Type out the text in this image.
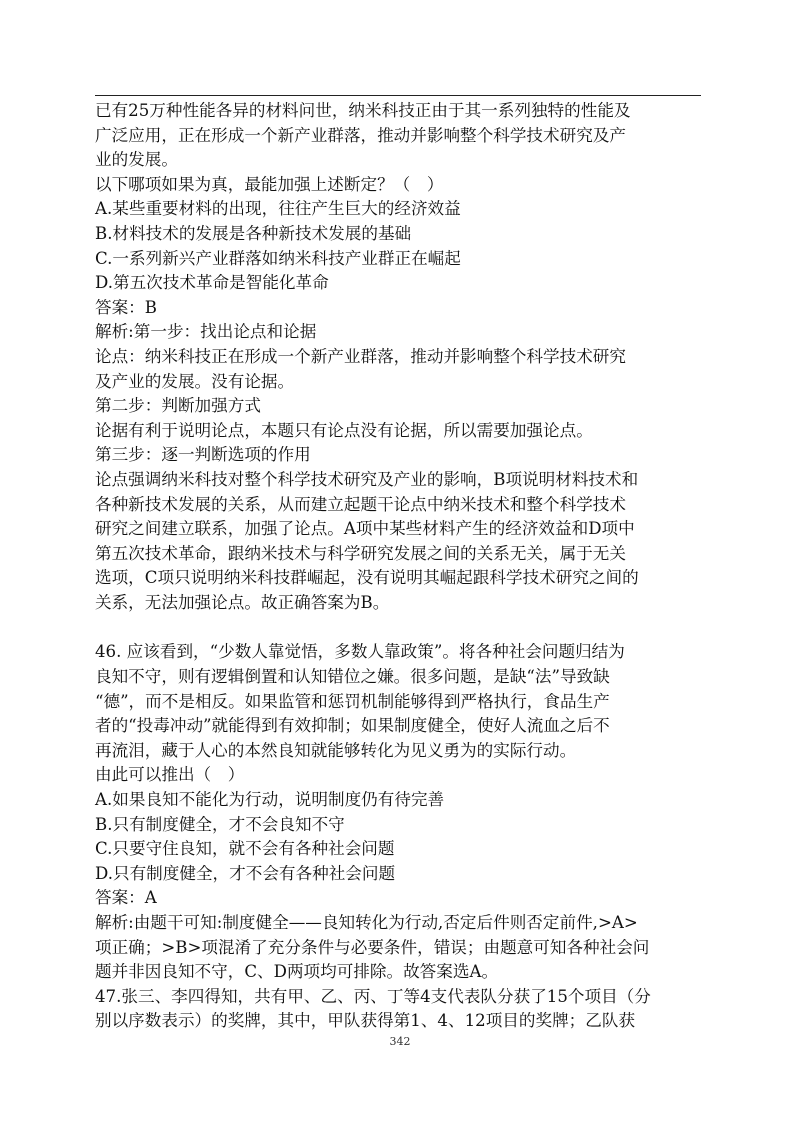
已有25万种性能各异的材料问世，纳米科技正由于其一系列独特的性能及

广泛应用，正在形成一个新产业群落，推动并影响整个科学技术研究及产

业的发展。

以下哪项如果为真，最能加强上述断定？（　）

A.某些重要材料的出现，往往产生巨大的经济效益

B.材料技术的发展是各种新技术发展的基础

C.一系列新兴产业群落如纳米科技产业群正在崛起

D.第五次技术革命是智能化革命

答案：B

解析:第一步：找出论点和论据

论点：纳米科技正在形成一个新产业群落，推动并影响整个科学技术研究

及产业的发展。没有论据。

第二步：判断加强方式

论据有利于说明论点，本题只有论点没有论据，所以需要加强论点。

第三步：逐一判断选项的作用

论点强调纳米科技对整个科学技术研究及产业的影响，B项说明材料技术和

各种新技术发展的关系，从而建立起题干论点中纳米技术和整个科学技术

研究之间建立联系，加强了论点。A项中某些材料产生的经济效益和D项中

第五次技术革命，跟纳米技术与科学研究发展之间的关系无关，属于无关

选项，C项只说明纳米科技群崛起，没有说明其崛起跟科学技术研究之间的

关系，无法加强论点。故正确答案为B。

46. 应该看到，“少数人靠觉悟，多数人靠政策”。将各种社会问题归结为

良知不守，则有逻辑倒置和认知错位之嫌。很多问题，是缺“法”导致缺

“德”，而不是相反。如果监管和惩罚机制能够得到严格执行，食品生产

者的“投毒冲动”就能得到有效抑制；如果制度健全，使好人流血之后不

再流泪，藏于人心的本然良知就能够转化为见义勇为的实际行动。

由此可以推出（　）

A.如果良知不能化为行动，说明制度仍有待完善

B.只有制度健全，才不会良知不守

C.只要守住良知，就不会有各种社会问题

D.只有制度健全，才不会有各种社会问题

答案：A

解析:由题干可知:制度健全——良知转化为行动,否定后件则否定前件,>A>

项正确；>B>项混淆了充分条件与必要条件，错误；由题意可知各种社会问

题并非因良知不守，C、D两项均可排除。故答案选A。

47.张三、李四得知，共有甲、乙、丙、丁等4支代表队分获了15个项目（分

别以序数表示）的奖牌，其中，甲队获得第1、4、12项目的奖牌；乙队获

342
